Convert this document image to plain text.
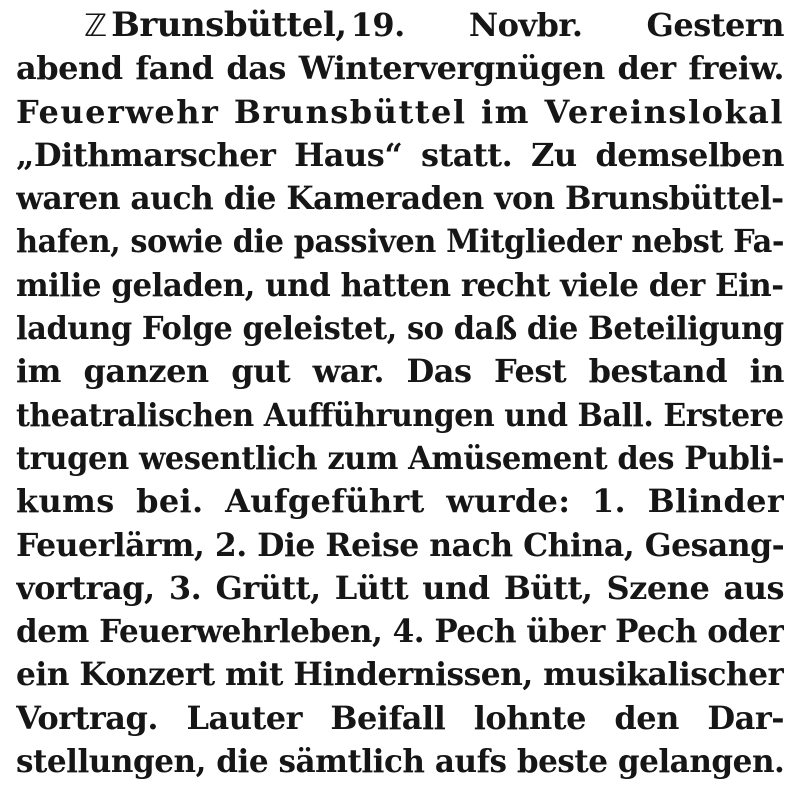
ℤ Brunsbüttel, 19. Novbr. Gestern
abend fand das Wintervergnügen der freiw.
Feuerwehr Brunsbüttel im Vereinslokal
„Dithmarscher Haus“ statt. Zu demselben
waren auch die Kameraden von Brunsbüttel-
hafen, sowie die passiven Mitglieder nebst Fa-
milie geladen, und hatten recht viele der Ein-
ladung Folge geleistet, so daß die Beteiligung
im ganzen gut war. Das Fest bestand in
theatralischen Aufführungen und Ball. Erstere
trugen wesentlich zum Amüsement des Publi-
kums bei. Aufgeführt wurde: 1. Blinder
Feuerlärm, 2. Die Reise nach China, Gesang-
vortrag, 3. Grütt, Lütt und Bütt, Szene aus
dem Feuerwehrleben, 4. Pech über Pech oder
ein Konzert mit Hindernissen, musikalischer
Vortrag. Lauter Beifall lohnte den Dar-
stellungen, die sämtlich aufs beste gelangen.
